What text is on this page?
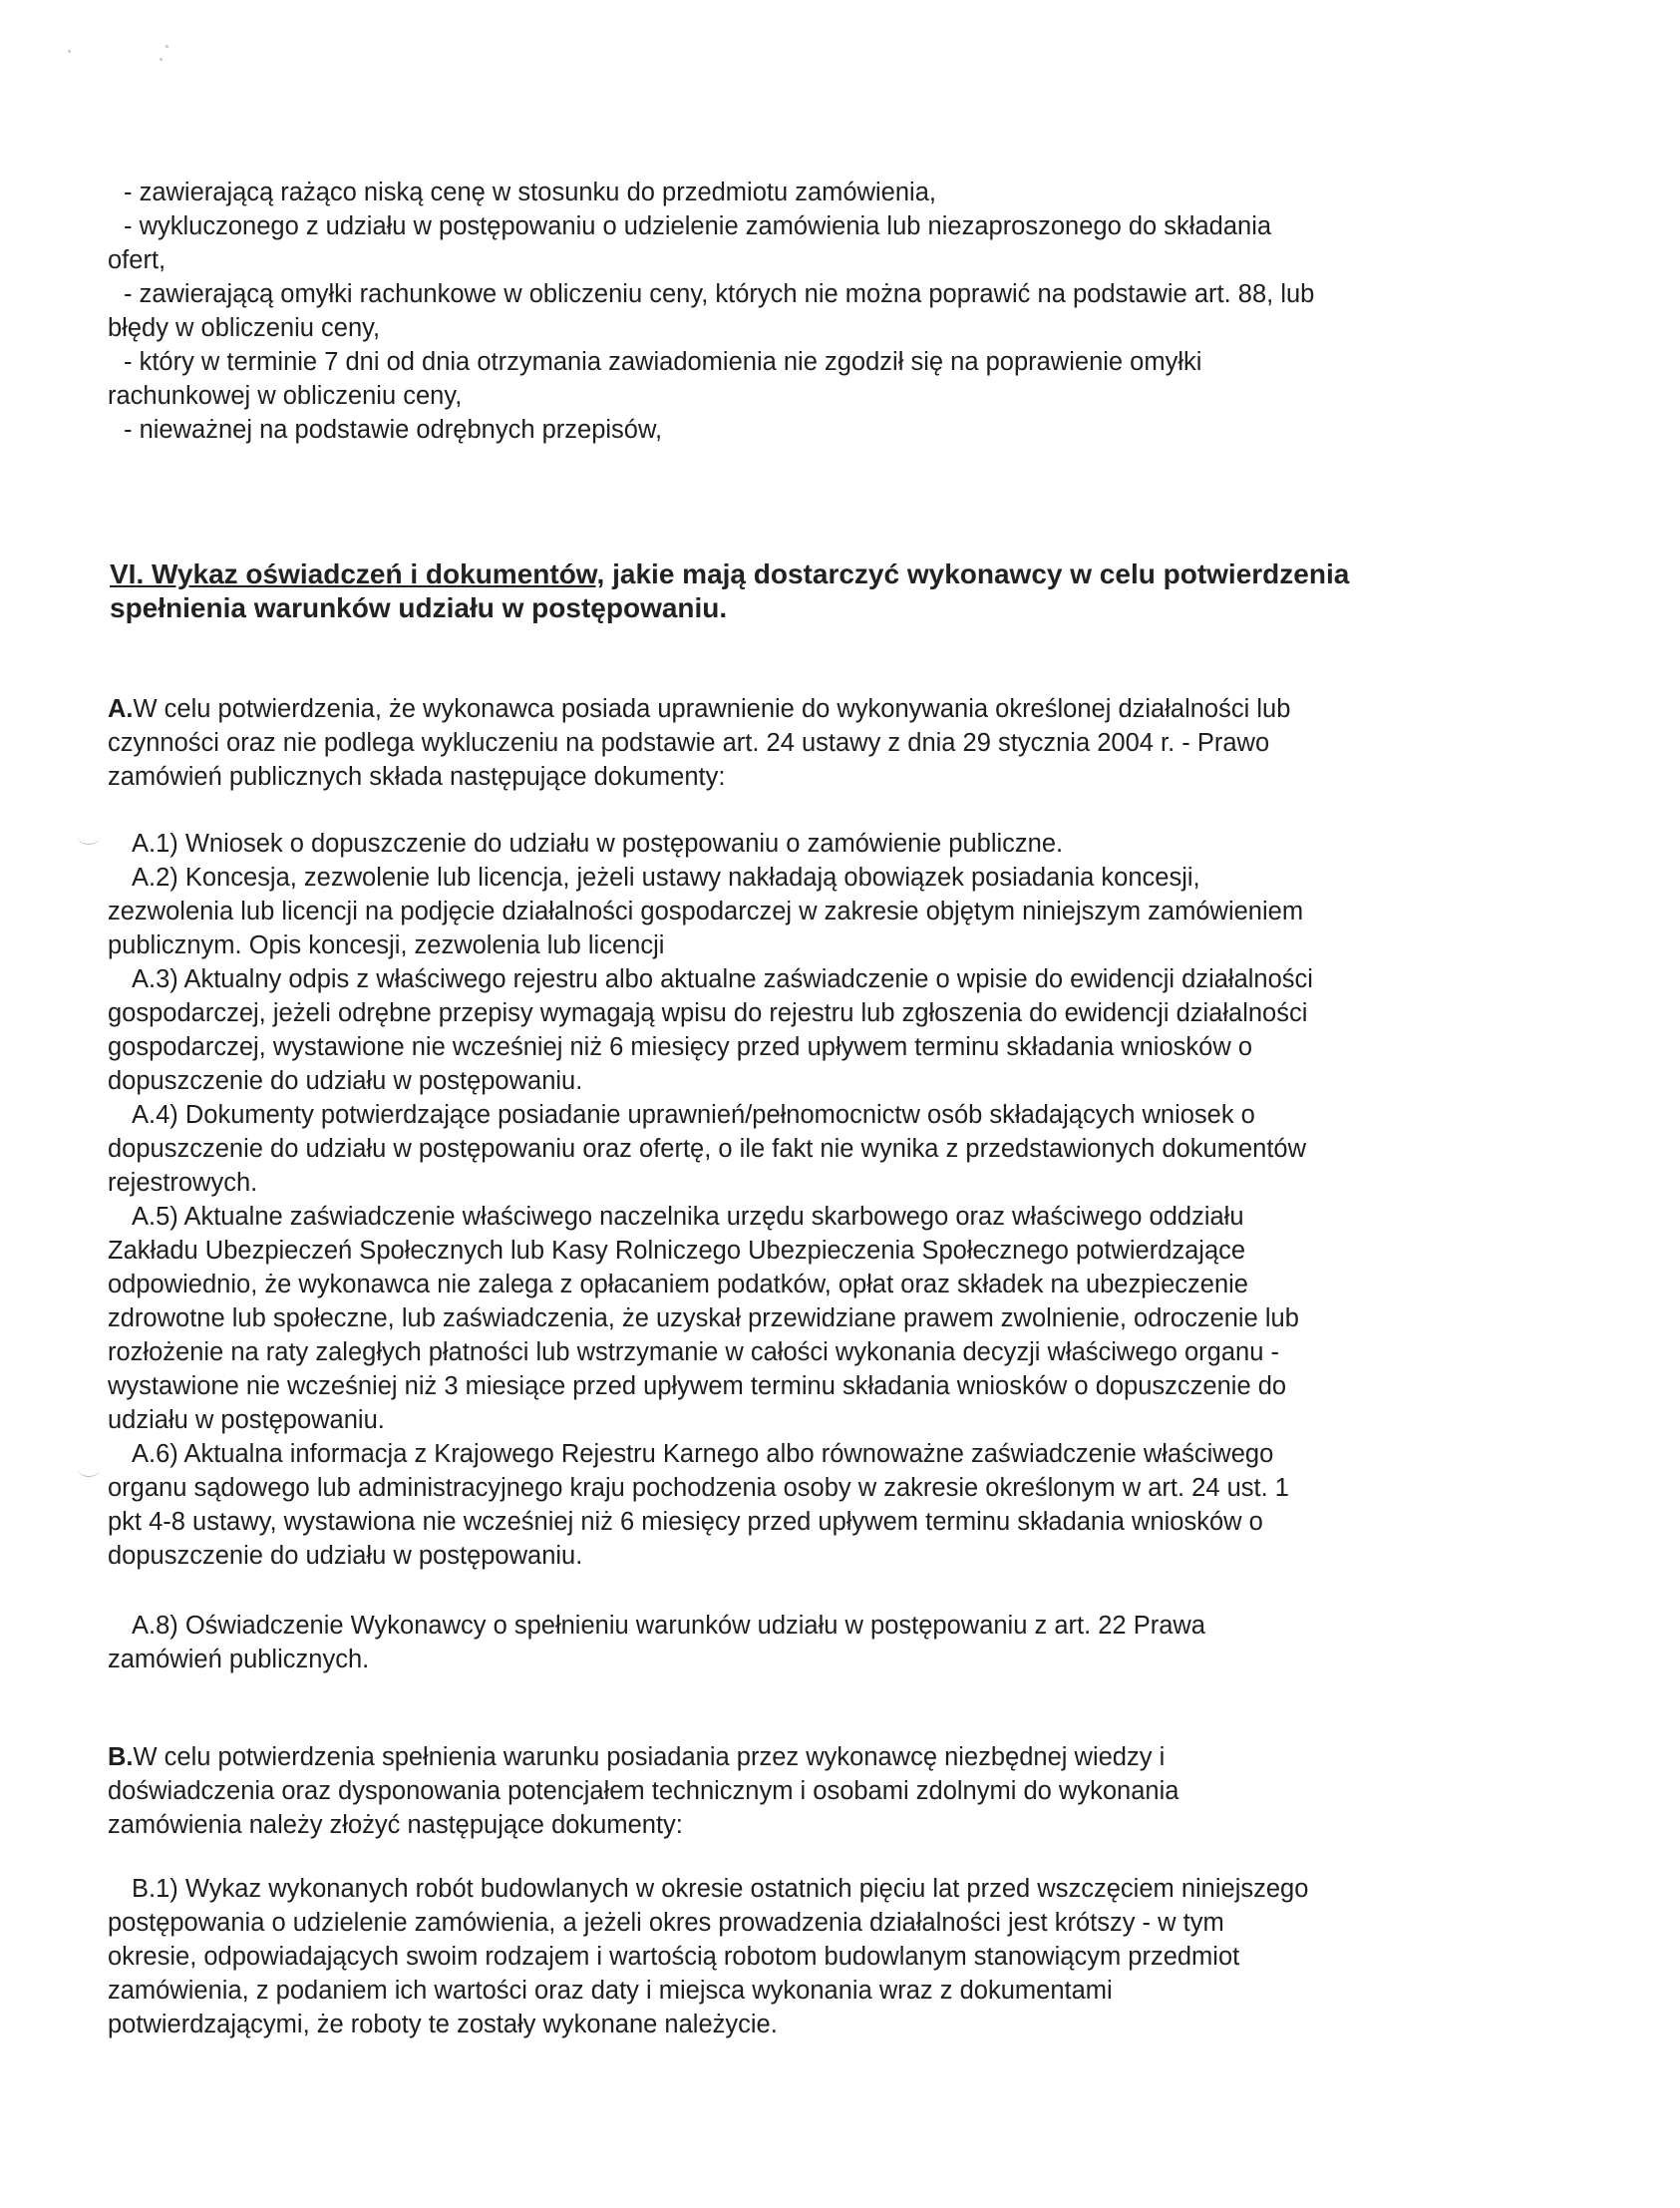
- zawierającą rażąco niską cenę w stosunku do przedmiotu zamówienia,
- wykluczonego z udziału w postępowaniu o udzielenie zamówienia lub niezaproszonego do składania
ofert,
- zawierającą omyłki rachunkowe w obliczeniu ceny, których nie można poprawić na podstawie art. 88, lub
błędy w obliczeniu ceny,
- który w terminie 7 dni od dnia otrzymania zawiadomienia nie zgodził się na poprawienie omyłki
rachunkowej w obliczeniu ceny,
- nieważnej na podstawie odrębnych przepisów,
VI. Wykaz oświadczeń i dokumentów, jakie mają dostarczyć wykonawcy w celu potwierdzenia
spełnienia warunków udziału w postępowaniu.
A.W celu potwierdzenia, że wykonawca posiada uprawnienie do wykonywania określonej działalności lub
czynności oraz nie podlega wykluczeniu na podstawie art. 24 ustawy z dnia 29 stycznia 2004 r. - Prawo
zamówień publicznych składa następujące dokumenty:
A.1) Wniosek o dopuszczenie do udziału w postępowaniu o zamówienie publiczne.
A.2) Koncesja, zezwolenie lub licencja, jeżeli ustawy nakładają obowiązek posiadania koncesji,
zezwolenia lub licencji na podjęcie działalności gospodarczej w zakresie objętym niniejszym zamówieniem
publicznym. Opis koncesji, zezwolenia lub licencji
A.3) Aktualny odpis z właściwego rejestru albo aktualne zaświadczenie o wpisie do ewidencji działalności
gospodarczej, jeżeli odrębne przepisy wymagają wpisu do rejestru lub zgłoszenia do ewidencji działalności
gospodarczej, wystawione nie wcześniej niż 6 miesięcy przed upływem terminu składania wniosków o
dopuszczenie do udziału w postępowaniu.
A.4) Dokumenty potwierdzające posiadanie uprawnień/pełnomocnictw osób składających wniosek o
dopuszczenie do udziału w postępowaniu oraz ofertę, o ile fakt nie wynika z przedstawionych dokumentów
rejestrowych.
A.5) Aktualne zaświadczenie właściwego naczelnika urzędu skarbowego oraz właściwego oddziału
Zakładu Ubezpieczeń Społecznych lub Kasy Rolniczego Ubezpieczenia Społecznego potwierdzające
odpowiednio, że wykonawca nie zalega z opłacaniem podatków, opłat oraz składek na ubezpieczenie
zdrowotne lub społeczne, lub zaświadczenia, że uzyskał przewidziane prawem zwolnienie, odroczenie lub
rozłożenie na raty zaległych płatności lub wstrzymanie w całości wykonania decyzji właściwego organu -
wystawione nie wcześniej niż 3 miesiące przed upływem terminu składania wniosków o dopuszczenie do
udziału w postępowaniu.
A.6) Aktualna informacja z Krajowego Rejestru Karnego albo równoważne zaświadczenie właściwego
organu sądowego lub administracyjnego kraju pochodzenia osoby w zakresie określonym w art. 24 ust. 1
pkt 4-8 ustawy, wystawiona nie wcześniej niż 6 miesięcy przed upływem terminu składania wniosków o
dopuszczenie do udziału w postępowaniu.
A.8) Oświadczenie Wykonawcy o spełnieniu warunków udziału w postępowaniu z art. 22 Prawa
zamówień publicznych.
B.W celu potwierdzenia spełnienia warunku posiadania przez wykonawcę niezbędnej wiedzy i
doświadczenia oraz dysponowania potencjałem technicznym i osobami zdolnymi do wykonania
zamówienia należy złożyć następujące dokumenty:
B.1) Wykaz wykonanych robót budowlanych w okresie ostatnich pięciu lat przed wszczęciem niniejszego
postępowania o udzielenie zamówienia, a jeżeli okres prowadzenia działalności jest krótszy - w tym
okresie, odpowiadających swoim rodzajem i wartością robotom budowlanym stanowiącym przedmiot
zamówienia, z podaniem ich wartości oraz daty i miejsca wykonania wraz z dokumentami
potwierdzającymi, że roboty te zostały wykonane należycie.
